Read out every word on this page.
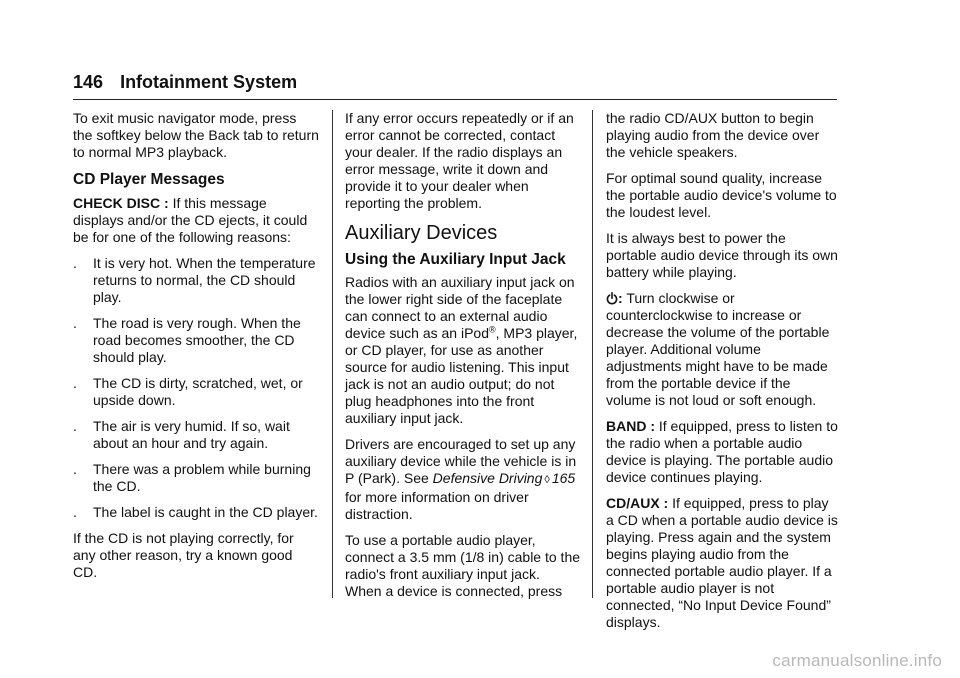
146 Infotainment System

To exit music navigator mode, press the softkey below the Back tab to return to normal MP3 playback.

CD Player Messages

CHECK DISC : If this message displays and/or the CD ejects, it could be for one of the following reasons:

.	It is very hot. When the temperature returns to normal, the CD should play.
.	The road is very rough. When the road becomes smoother, the CD should play.
.	The CD is dirty, scratched, wet, or upside down.
.	The air is very humid. If so, wait about an hour and try again.
.	There was a problem while burning the CD.
.	The label is caught in the CD player.

If the CD is not playing correctly, for any other reason, try a known good CD.

If any error occurs repeatedly or if an error cannot be corrected, contact your dealer. If the radio displays an error message, write it down and provide it to your dealer when reporting the problem.

Auxiliary Devices
Using the Auxiliary Input Jack

Radios with an auxiliary input jack on the lower right side of the faceplate can connect to an external audio device such as an iPod®, MP3 player, or CD player, for use as another source for audio listening. This input jack is not an audio output; do not plug headphones into the front auxiliary input jack.

Drivers are encouraged to set up any auxiliary device while the vehicle is in P (Park). See Defensive Driving ◊ 165 for more information on driver distraction.

To use a portable audio player, connect a 3.5 mm (1/8 in) cable to the radio's front auxiliary input jack. When a device is connected, press

the radio CD/AUX button to begin playing audio from the device over the vehicle speakers.

For optimal sound quality, increase the portable audio device's volume to the loudest level.

It is always best to power the portable audio device through its own battery while playing.

: Turn clockwise or counterclockwise to increase or decrease the volume of the portable player. Additional volume adjustments might have to be made from the portable device if the volume is not loud or soft enough.

BAND : If equipped, press to listen to the radio when a portable audio device is playing. The portable audio device continues playing.

CD/AUX : If equipped, press to play a CD when a portable audio device is playing. Press again and the system begins playing audio from the connected portable audio player. If a portable audio player is not connected, “No Input Device Found” displays.

carmanualsonline.info
